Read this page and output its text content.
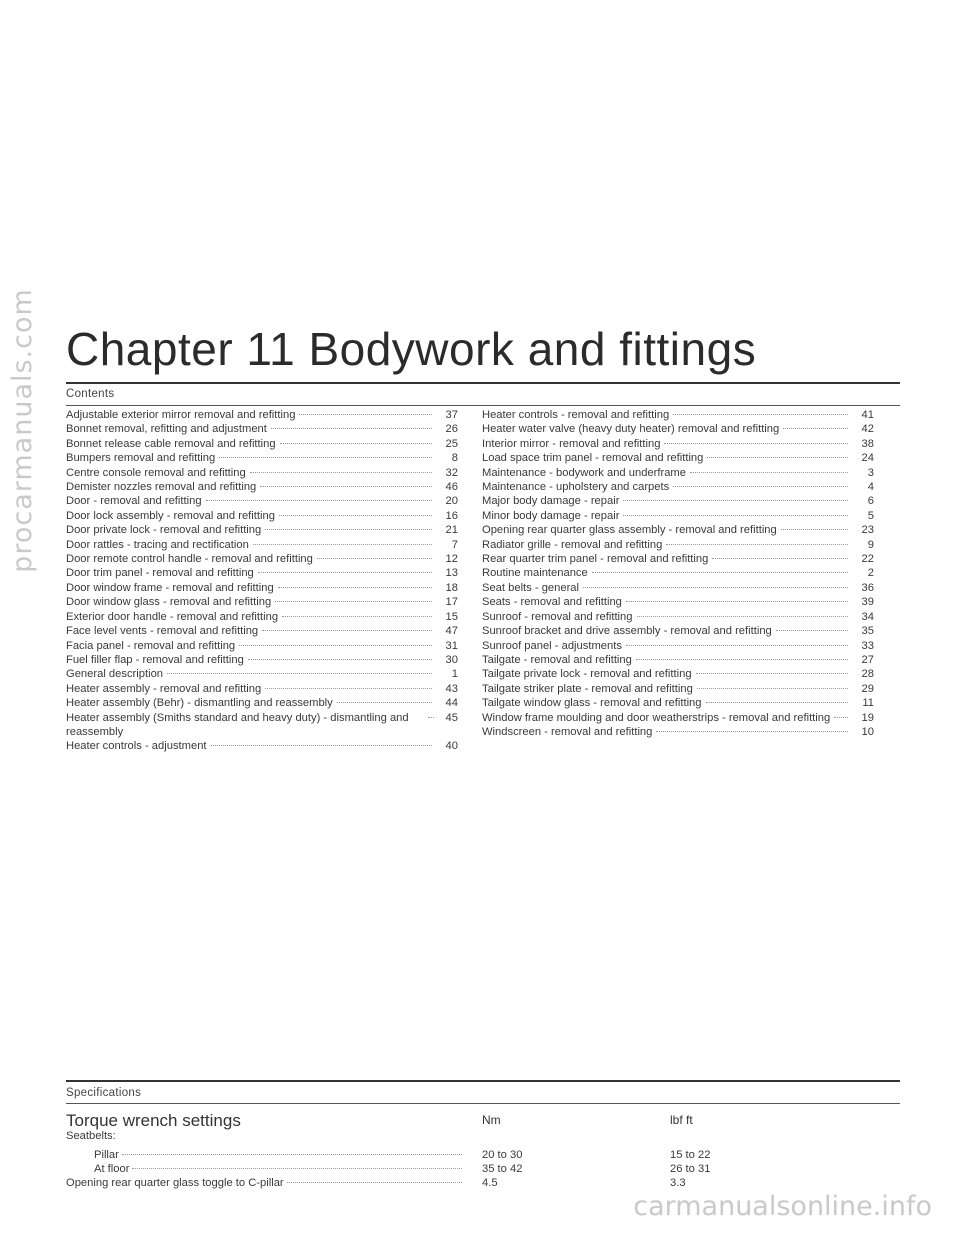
procarmanuals.com Chapter 11 Bodywork and fittings
Contents
Adjustable exterior mirror removal and refitting	37
Bonnet removal, refitting and adjustment	26
Bonnet release cable removal and refitting	25
Bumpers removal and refitting	8
Centre console removal and refitting	32
Demister nozzles removal and refitting	46
Door - removal and refitting	20
Door lock assembly - removal and refitting	16
Door private lock - removal and refitting	21
Door rattles - tracing and rectification	7
Door remote control handle - removal and refitting	12
Door trim panel - removal and refitting	13
Door window frame - removal and refitting	18
Door window glass - removal and refitting	17
Exterior door handle - removal and refitting	15
Face level vents - removal and refitting	47
Facia panel - removal and refitting	31
Fuel filler flap - removal and refitting	30
General description	1
Heater assembly - removal and refitting	43
Heater assembly (Behr) - dismantling and reassembly	44
Heater assembly (Smiths standard and heavy duty) - dismantling and reassembly
45
Heater controls - adjustment	40
Heater controls - removal and refitting	41
Heater water valve (heavy duty heater) removal and refitting	42
Interior mirror - removal and refitting	38
Load space trim panel - removal and refitting	24
Maintenance - bodywork and underframe	3
Maintenance - upholstery and carpets	4
Major body damage - repair	6
Minor body damage - repair	5
Opening rear quarter glass assembly - removal and refitting	23
Radiator grille - removal and refitting	9
Rear quarter trim panel - removal and refitting	22
Routine maintenance	2
Seat belts - general	36
Seats - removal and refitting	39
Sunroof - removal and refitting	34
Sunroof bracket and drive assembly - removal and refitting	35
Sunroof panel - adjustments	33
Tailgate - removal and refitting	27
Tailgate private lock - removal and refitting	28
Tailgate striker plate - removal and refitting	29
Tailgate window glass - removal and refitting	11
Window frame moulding and door weatherstrips - removal and refitting	19
Windscreen - removal and refitting	10
Specifications
Torque wrench settings	Nm	lbf ft
Seatbelts:
Pillar	20 to 30	15 to 22
At floor	35 to 42	26 to 31
Opening rear quarter glass toggle to C-pillar	4.5	3.3
carmanualsonline.info
